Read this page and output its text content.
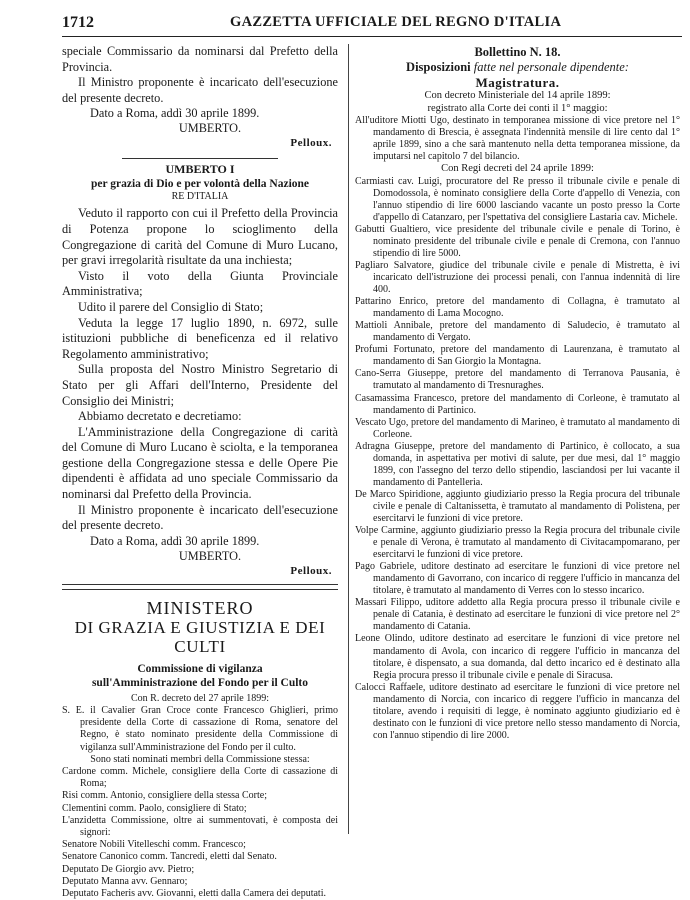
1712	GAZZETTA UFFICIALE DEL REGNO D'ITALIA

speciale Commissario da nominarsi dal Prefetto della Provincia.

Il Ministro proponente è incaricato dell'esecuzione del presente decreto.

Dato a Roma, addì 30 aprile 1899.

UMBERTO.

Pelloux.

UMBERTO I

per grazia di Dio e per volontà della Nazione

RE D'ITALIA

Veduto il rapporto con cui il Prefetto della Provincia di Potenza propone lo scioglimento della Congregazione di carità del Comune di Muro Lucano, per gravi irregolarità risultate da una inchiesta;

Visto il voto della Giunta Provinciale Amministrativa;

Udito il parere del Consiglio di Stato;

Veduta la legge 17 luglio 1890, n. 6972, sulle istituzioni pubbliche di beneficenza ed il relativo Regolamento amministrativo;

Sulla proposta del Nostro Ministro Segretario di Stato per gli Affari dell'Interno, Presidente del Consiglio dei Ministri;

Abbiamo decretato e decretiamo:

L'Amministrazione della Congregazione di carità del Comune di Muro Lucano è sciolta, e la temporanea gestione della Congregazione stessa e delle Opere Pie dipendenti è affidata ad uno speciale Commissario da nominarsi dal Prefetto della Provincia.

Il Ministro proponente è incaricato dell'esecuzione del presente decreto.

Dato a Roma, addì 30 aprile 1899.

UMBERTO.

Pelloux.

MINISTERO

DI GRAZIA E GIUSTIZIA E DEI CULTI

Commissione di vigilanza

sull'Amministrazione del Fondo per il Culto

Con R. decreto del 27 aprile 1899:

S. E. il Cavalier Gran Croce conte Francesco Ghiglieri, primo presidente della Corte di cassazione di Roma, senatore del Regno, è stato nominato presidente della Commissione di vigilanza sull'Amministrazione del Fondo per il culto.

Sono stati nominati membri della Commissione stessa:

Cardone comm. Michele, consigliere della Corte di cassazione di Roma;

Risi comm. Antonio, consigliere della stessa Corte;

Clementini comm. Paolo, consigliere di Stato;

L'anzidetta Commissione, oltre ai summentovati, è composta dei signori:

Senatore Nobili Vitelleschi comm. Francesco;

Senatore Canonico comm. Tancredi, eletti dal Senato.

Deputato De Giorgio avv. Pietro;

Deputato Manna avv. Gennaro;

Deputato Facheris avv. Giovanni, eletti dalla Camera dei deputati.

Bollettino N. 18.

Disposizioni fatte nel personale dipendente:

Magistratura.

Con decreto Ministeriale del 14 aprile 1899:

registrato alla Corte dei conti il 1° maggio:

All'uditore Miotti Ugo, destinato in temporanea missione di vice pretore nel 1° mandamento di Brescia, è assegnata l'indennità mensile di lire cento dal 1° aprile 1899, sino a che sarà mantenuto nella detta temporanea missione, da imputarsi nel capitolo 7 del bilancio.

Con Regi decreti del 24 aprile 1899:

Carmiasti cav. Luigi, procuratore del Re presso il tribunale civile e penale di Domodossola, è nominato consigliere della Corte d'appello di Venezia, con l'annuo stipendio di lire 6000 lasciando vacante un posto presso la Corte d'appello di Catanzaro, per l'spettativa del consigliere Lastaria cav. Michele.

Gabutti Gualtiero, vice presidente del tribunale civile e penale di Torino, è nominato presidente del tribunale civile e penale di Cremona, con l'annuo stipendio di lire 5000.

Pagliaro Salvatore, giudice del tribunale civile e penale di Mistretta, è ivi incaricato dell'istruzione dei processi penali, con l'annua indennità di lire 400.

Pattarino Enrico, pretore del mandamento di Collagna, è tramutato al mandamento di Lama Mocogno.

Mattioli Annibale, pretore del mandamento di Saludecio, è tramutato al mandamento di Vergato.

Profumi Fortunato, pretore del mandamento di Laurenzana, è tramutato al mandamento di San Giorgio la Montagna.

Cano-Serra Giuseppe, pretore del mandamento di Terranova Pausania, è tramutato al mandamento di Tresnuraghes.

Casamassima Francesco, pretore del mandamento di Corleone, è tramutato al mandamento di Partinico.

Vescato Ugo, pretore del mandamento di Marineo, è tramutato al mandamento di Corleone.

Adragna Giuseppe, pretore del mandamento di Partinico, è collocato, a sua domanda, in aspettativa per motivi di salute, per due mesi, dal 1° maggio 1899, con l'assegno del terzo dello stipendio, lasciandosi per lui vacante il mandamento di Pantelleria.

De Marco Spiridione, aggiunto giudiziario presso la Regia procura del tribunale civile e penale di Caltanissetta, è tramutato al mandamento di Polistena, per esercitarvi le funzioni di vice pretore.

Volpe Carmine, aggiunto giudiziario presso la Regia procura del tribunale civile e penale di Verona, è tramutato al mandamento di Civitacampomarano, per esercitarvi le funzioni di vice pretore.

Pago Gabriele, uditore destinato ad esercitare le funzioni di vice pretore nel mandamento di Gavorrano, con incarico di reggere l'ufficio in mancanza del titolare, è tramutato al mandamento di Verres con lo stesso incarico.

Massari Filippo, uditore addetto alla Regia procura presso il tribunale civile e penale di Catania, è destinato ad esercitare le funzioni di vice pretore nel 2° mandamento di Catania.

Leone Olindo, uditore destinato ad esercitare le funzioni di vice pretore nel mandamento di Avola, con incarico di reggere l'ufficio in mancanza del titolare, è dispensato, a sua domanda, dal detto incarico ed è destinato alla Regia procura presso il tribunale civile e penale di Siracusa.

Calocci Raffaele, uditore destinato ad esercitare le funzioni di vice pretore nel mandamento di Norcia, con incarico di reggere l'ufficio in mancanza del titolare, avendo i requisiti di legge, è nominato aggiunto giudiziario ed è destinato con le funzioni di vice pretore nello stesso mandamento di Norcia, con l'annuo stipendio di lire 2000.
